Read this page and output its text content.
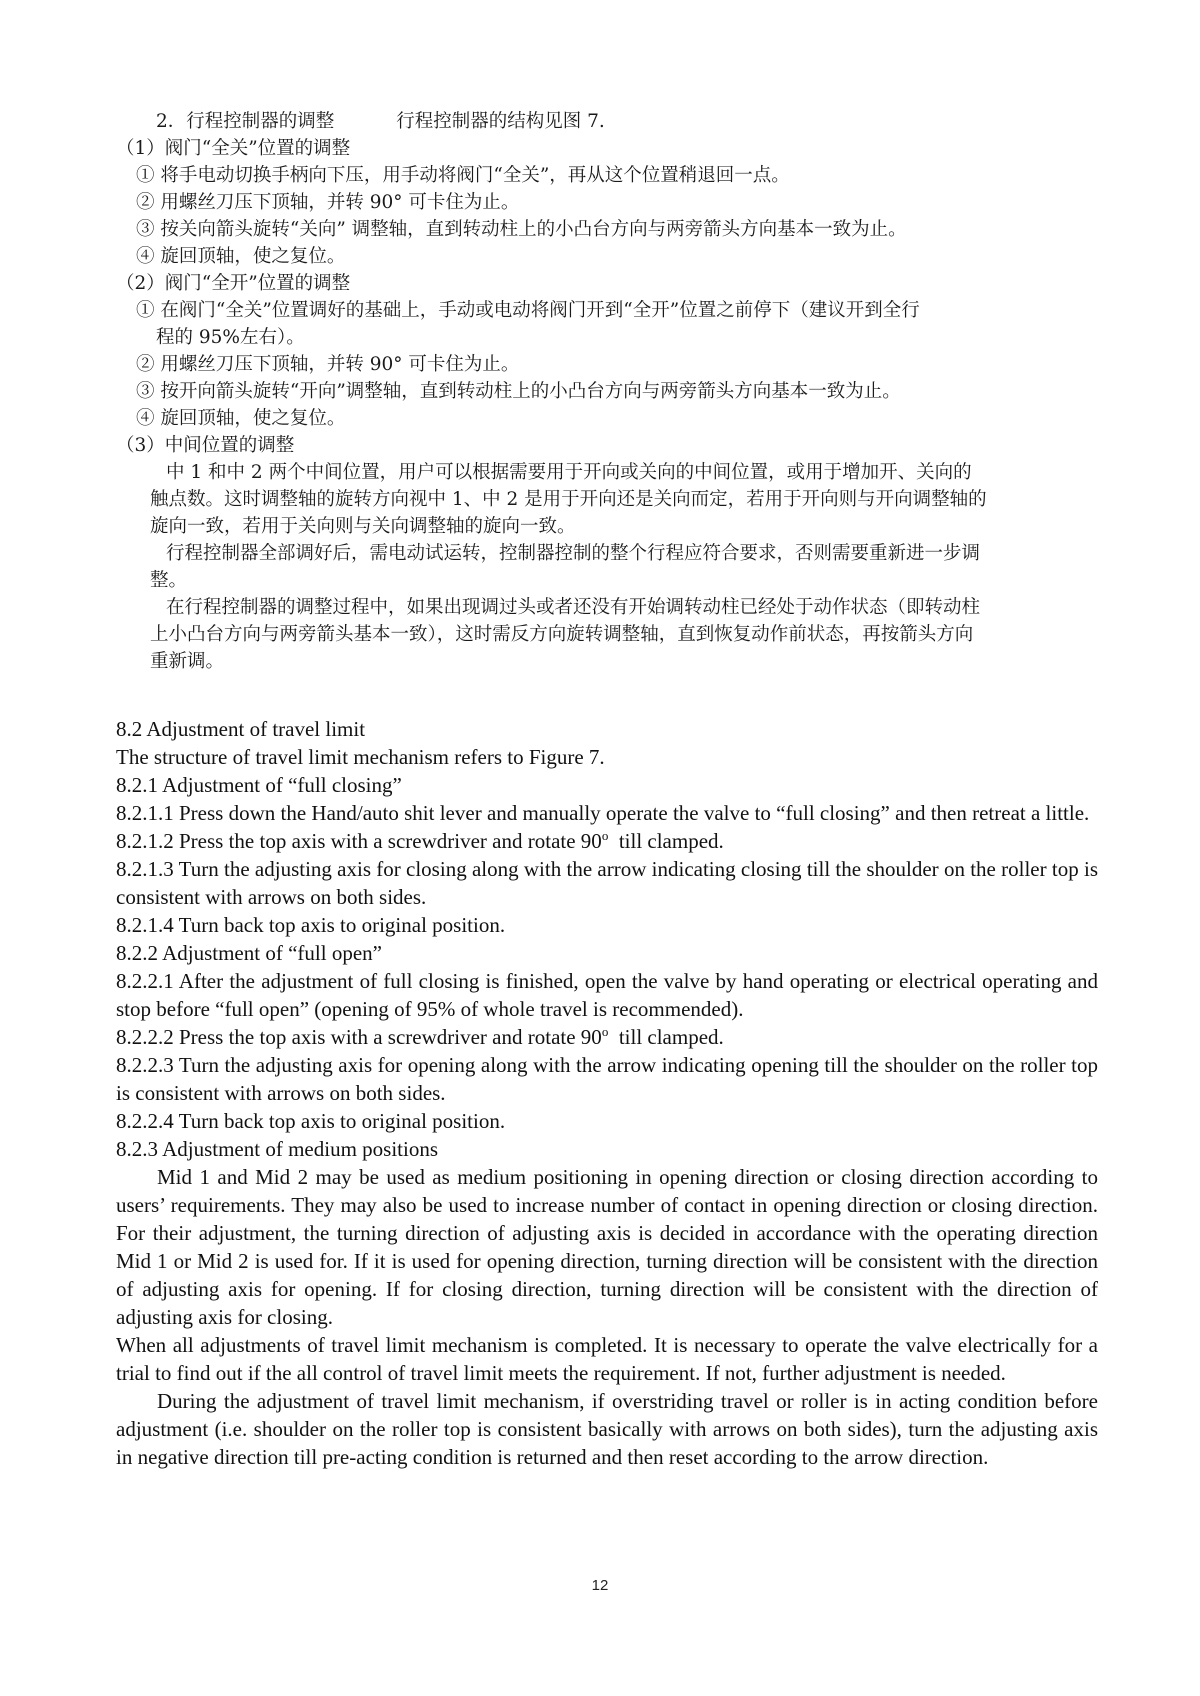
2．行程控制器的调整	行程控制器的结构见图 7.
（1）阀门“全关”位置的调整
① 将手电动切换手柄向下压，用手动将阀门“全关”，再从这个位置稍退回一点。
② 用螺丝刀压下顶轴，并转 90° 可卡住为止。
③ 按关向箭头旋转“关向” 调整轴，直到转动柱上的小凸台方向与两旁箭头方向基本一致为止。
④ 旋回顶轴，使之复位。
（2）阀门“全开”位置的调整
① 在阀门“全关”位置调好的基础上，手动或电动将阀门开到“全开”位置之前停下（建议开到全行
程的 95%左右）。
② 用螺丝刀压下顶轴，并转 90° 可卡住为止。
③ 按开向箭头旋转“开向”调整轴，直到转动柱上的小凸台方向与两旁箭头方向基本一致为止。
④ 旋回顶轴，使之复位。
（3）中间位置的调整
中 1 和中 2 两个中间位置，用户可以根据需要用于开向或关向的中间位置，或用于增加开、关向的
触点数。这时调整轴的旋转方向视中 1、中 2 是用于开向还是关向而定，若用于开向则与开向调整轴的
旋向一致，若用于关向则与关向调整轴的旋向一致。
行程控制器全部调好后，需电动试运转，控制器控制的整个行程应符合要求，否则需要重新进一步调
整。
在行程控制器的调整过程中，如果出现调过头或者还没有开始调转动柱已经处于动作状态（即转动柱
上小凸台方向与两旁箭头基本一致），这时需反方向旋转调整轴，直到恢复动作前状态，再按箭头方向
重新调。
8.2 Adjustment of travel limit
The structure of travel limit mechanism refers to Figure 7.
8.2.1 Adjustment of “full closing”
8.2.1.1 Press down the Hand/auto shit lever and manually operate the valve to “full closing” and then retreat a little.
8.2.1.2 Press the top axis with a screwdriver and rotate 90$^o$  till clamped.
8.2.1.3 Turn the adjusting axis for closing along with the arrow indicating closing till the shoulder on the roller top is consistent with arrows on both sides.
8.2.1.4 Turn back top axis to original position.
8.2.2 Adjustment of “full open”
8.2.2.1 After the adjustment of full closing is finished, open the valve by hand operating or electrical operating and stop before “full open” (opening of 95% of whole travel is recommended).
8.2.2.2 Press the top axis with a screwdriver and rotate 90$^o$  till clamped.
8.2.2.3 Turn the adjusting axis for opening along with the arrow indicating opening till the shoulder on the roller top is consistent with arrows on both sides.
8.2.2.4 Turn back top axis to original position.
8.2.3 Adjustment of medium positions
Mid 1 and Mid 2 may be used as medium positioning in opening direction or closing direction according to users’ requirements. They may also be used to increase number of contact in opening direction or closing direction. For their adjustment, the turning direction of adjusting axis is decided in accordance with the operating direction Mid 1 or Mid 2 is used for. If it is used for opening direction, turning direction will be consistent with the direction of adjusting axis for opening. If for closing direction, turning direction will be consistent with the direction of adjusting axis for closing.
When all adjustments of travel limit mechanism is completed. It is necessary to operate the valve electrically for a trial to find out if the all control of travel limit meets the requirement. If not, further adjustment is needed.
During the adjustment of travel limit mechanism, if overstriding travel or roller is in acting condition before adjustment (i.e. shoulder on the roller top is consistent basically with arrows on both sides), turn the adjusting axis in negative direction till pre-acting condition is returned and then reset according to the arrow direction.
12
